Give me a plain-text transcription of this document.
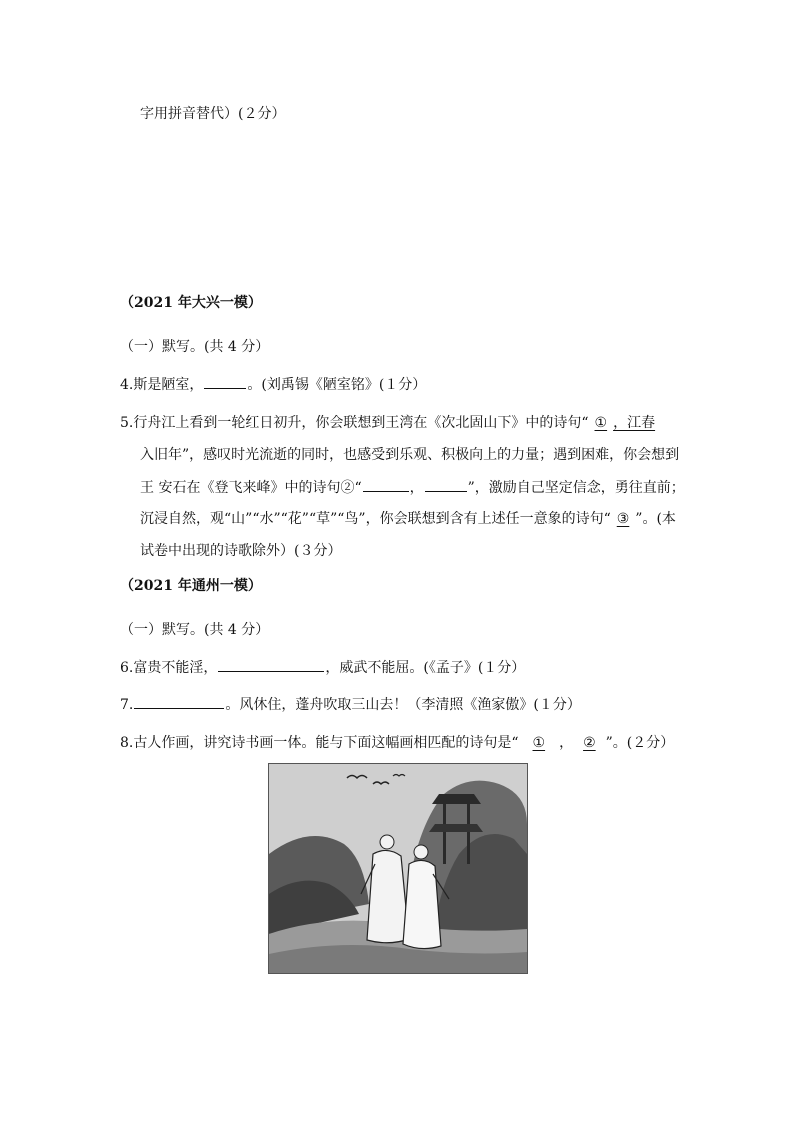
字用拼音替代）(２分）
（2021 年大兴一模）
（一）默写。(共 4 分）
4.斯是陋室，	。(刘禹锡《陋室铭》(１分）
5.行舟江上看到一轮红日初升，你会联想到王湾在《次北固山下》中的诗句“ ① ，江春
入旧年”，感叹时光流逝的同时，也感受到乐观、积极向上的力量；遇到困难，你会想到
王 安石在《登飞来峰》中的诗句②“	，	”，激励自己坚定信念，勇往直前；
沉浸自然，观“山”“水”“花”“草”“鸟”，你会联想到含有上述任一意象的诗句“ ③ ”。(本
试卷中出现的诗歌除外）(３分）
（2021 年通州一模）
（一）默写。(共 4 分）
6.富贵不能淫，	，威武不能屈。(《孟子》(１分）
7.	。风休住，蓬舟吹取三山去！（李清照《渔家傲》(１分）
8.古人作画，讲究诗书画一体。能与下面这幅画相匹配的诗句是“ ① ， ② ”。(２分）
